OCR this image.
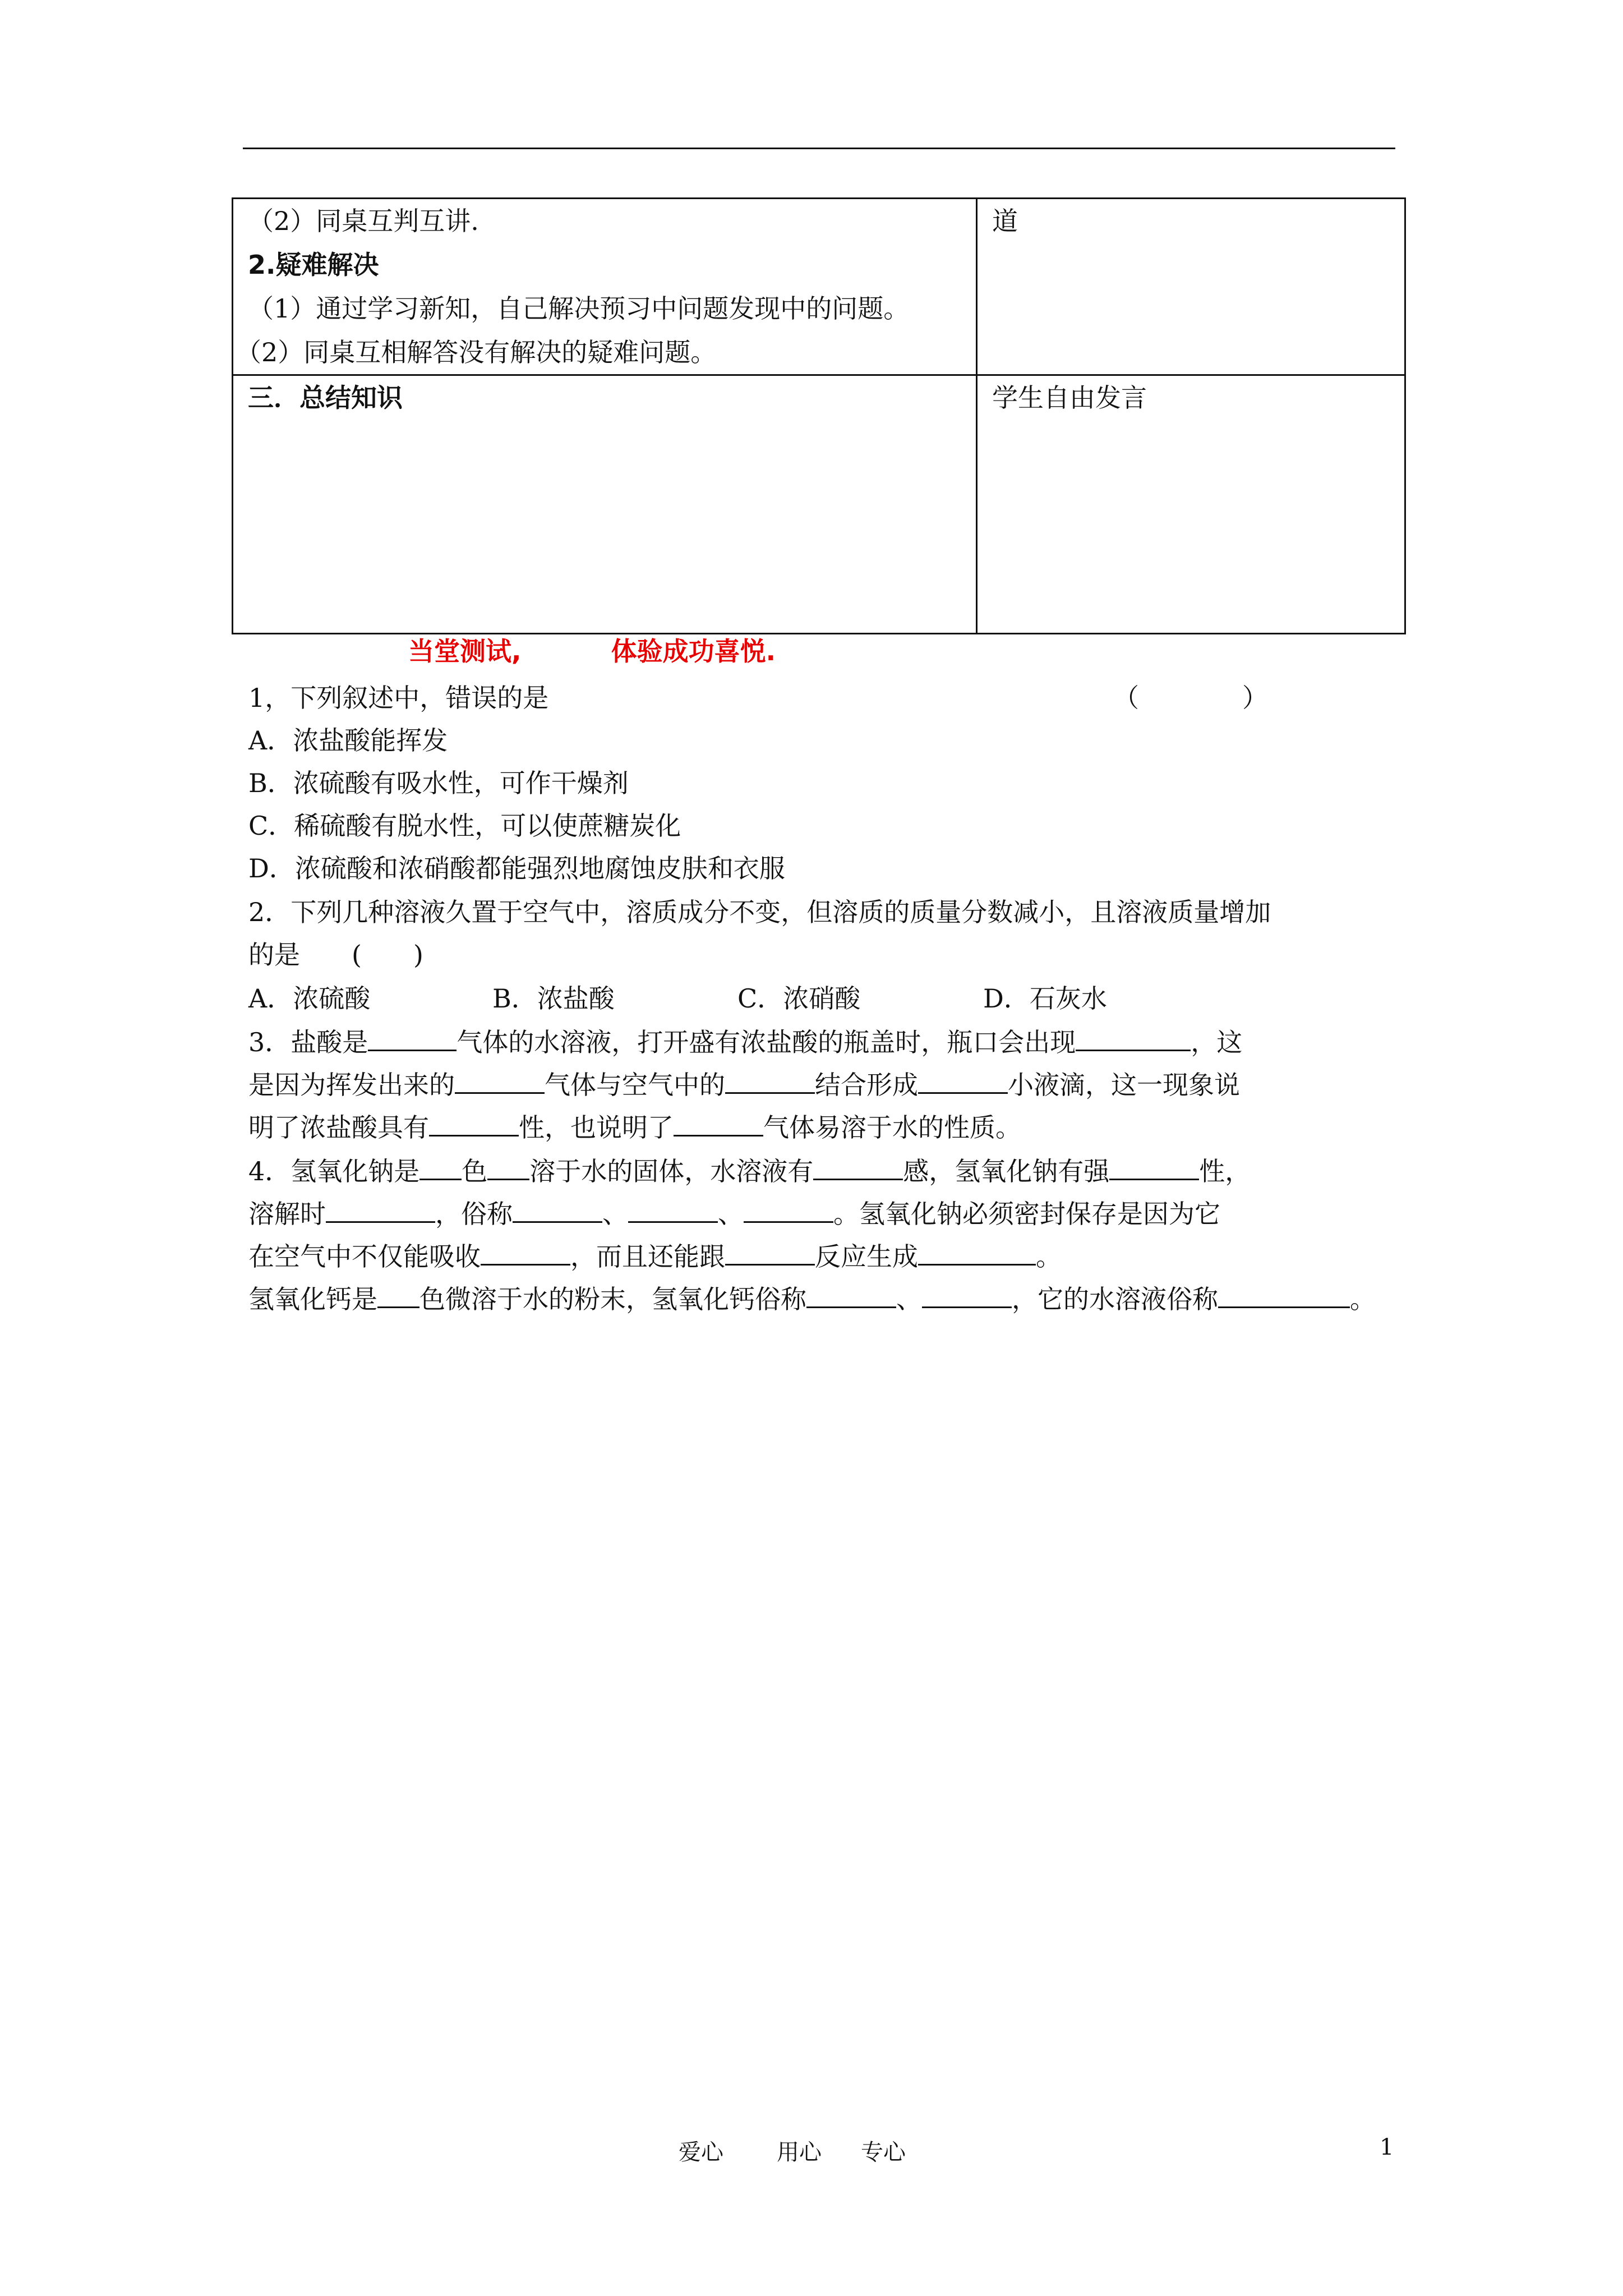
（2）同桌互判互讲.
2.疑难解决
（1）通过学习新知，自己解决预习中问题发现中的问题。
（2）同桌互相解答没有解决的疑难问题。	道

三．总结知识	学生自由发言
当堂测试,	体验成功喜悦.
1，下列叙述中，错误的是	（　　　　）
A．浓盐酸能挥发
B．浓硫酸有吸水性，可作干燥剂
C．稀硫酸有脱水性，可以使蔗糖炭化
D．浓硫酸和浓硝酸都能强烈地腐蚀皮肤和衣服
2．下列几种溶液久置于空气中，溶质成分不变，但溶质的质量分数减小，且溶液质量增加
的是　　(　　)
A．浓硫酸	B．浓盐酸	C．浓硝酸	D．石灰水
3．盐酸是	气体的水溶液，打开盛有浓盐酸的瓶盖时，瓶口会出现	，这
是因为挥发出来的	气体与空气中的	结合形成	小液滴，这一现象说
明了浓盐酸具有	性，也说明了	气体易溶于水的性质。
4．氢氧化钠是 色 溶于水的固体，水溶液有	感，氢氧化钠有强	性，
溶解时	，俗称	、	、	。氢氧化钠必须密封保存是因为它
在空气中不仅能吸收	，而且还能跟	反应生成	。
氢氧化钙是 色微溶于水的粉末，氢氧化钙俗称	、	，它的水溶液俗称	。
爱心 用心 专心	1
